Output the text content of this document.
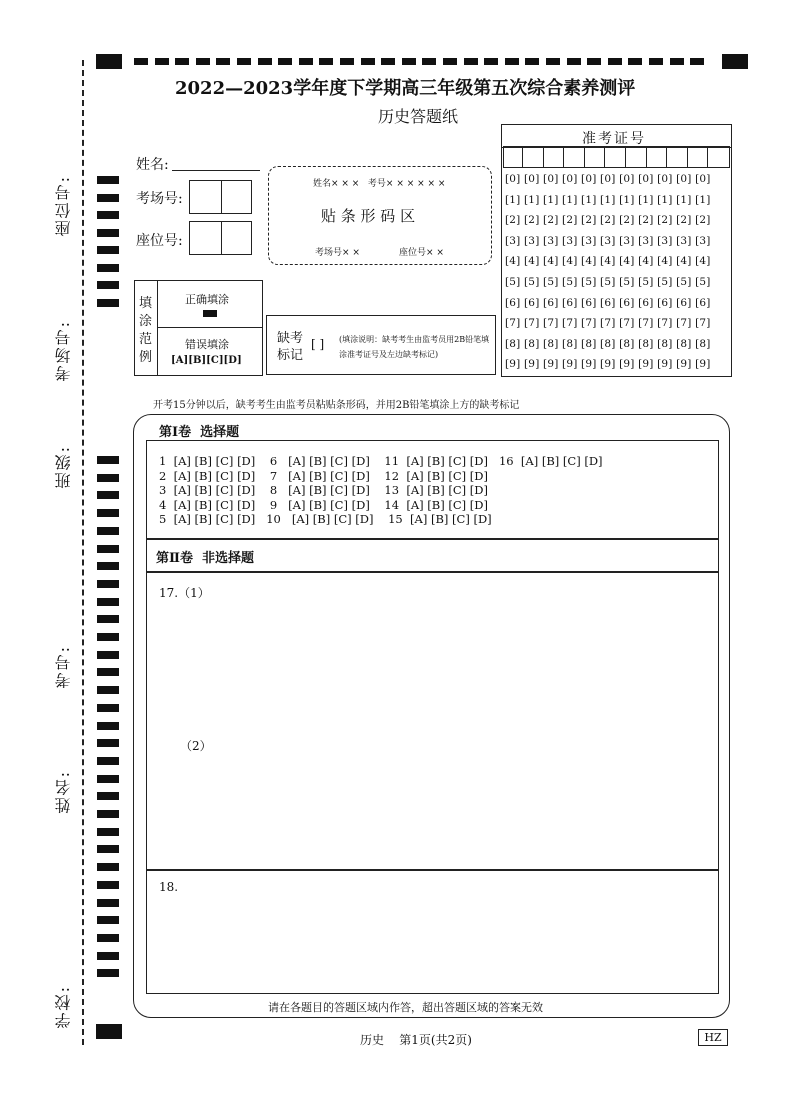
座位号:
考场号:
班级:
考号:
姓名:
学校:
2022—2023学年度下学期高三年级第五次综合素养测评
历史答题纸
姓名:
考场号:
座位号:
姓名× × ×   考号× × × × × ×
贴 条 形 码 区
考场号× ×	座位号× ×
填涂范例
正确填涂
错误填涂
[A][B][C][D]
缺考标记
[ ] (填涂说明：缺考考生由监考员用2B铅笔填涂准考证号及左边缺考标记)
准考证号
[0] [0] [0] [0] [0] [0] [0] [0] [0] [0] [0]
[1] [1] [1] [1] [1] [1] [1] [1] [1] [1] [1]
[2] [2] [2] [2] [2] [2] [2] [2] [2] [2] [2]
[3] [3] [3] [3] [3] [3] [3] [3] [3] [3] [3]
[4] [4] [4] [4] [4] [4] [4] [4] [4] [4] [4]
[5] [5] [5] [5] [5] [5] [5] [5] [5] [5] [5]
[6] [6] [6] [6] [6] [6] [6] [6] [6] [6] [6]
[7] [7] [7] [7] [7] [7] [7] [7] [7] [7] [7]
[8] [8] [8] [8] [8] [8] [8] [8] [8] [8] [8]
[9] [9] [9] [9] [9] [9] [9] [9] [9] [9] [9]
开考15分钟以后，缺考考生由监考员粘贴条形码，并用2B铅笔填涂上方的缺考标记
第Ⅰ卷  选择题
1  [A] [B] [C] [D]    6   [A] [B] [C] [D]    11  [A] [B] [C] [D]   16  [A] [B] [C] [D]
2  [A] [B] [C] [D]    7   [A] [B] [C] [D]    12  [A] [B] [C] [D]
3  [A] [B] [C] [D]    8   [A] [B] [C] [D]    13  [A] [B] [C] [D]
4  [A] [B] [C] [D]    9   [A] [B] [C] [D]    14  [A] [B] [C] [D]
5  [A] [B] [C] [D]   10   [A] [B] [C] [D]    15  [A] [B] [C] [D]
第Ⅱ卷  非选择题
17.（1）
（2）
18.
请在各题目的答题区域内作答，超出答题区域的答案无效
历史    第1页(共2页)	HZ
